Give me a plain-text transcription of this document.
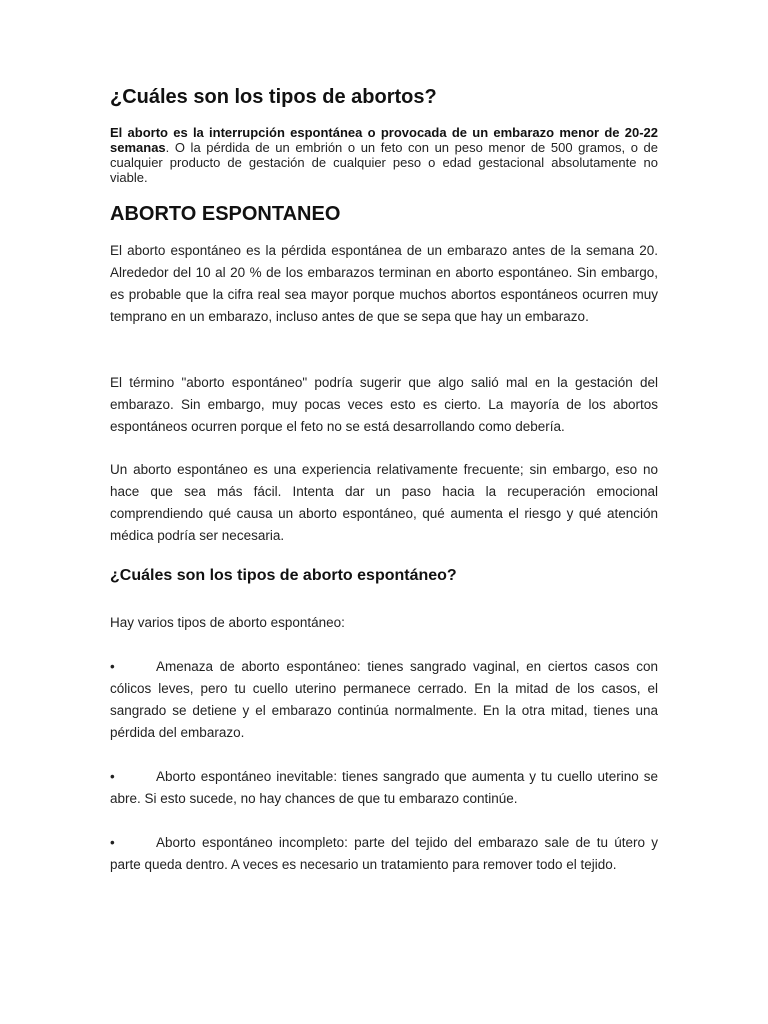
¿Cuáles son los tipos de abortos?

El aborto es la interrupción espontánea o provocada de un embarazo menor de 20-22 semanas. O la pérdida de un embrión o un feto con un peso menor de 500 gramos, o de cualquier producto de gestación de cualquier peso o edad gestacional absolutamente no viable.

ABORTO ESPONTANEO

El aborto espontáneo es la pérdida espontánea de un embarazo antes de la semana 20. Alrededor del 10 al 20 % de los embarazos terminan en aborto espontáneo. Sin embargo, es probable que la cifra real sea mayor porque muchos abortos espontáneos ocurren muy temprano en un embarazo, incluso antes de que se sepa que hay un embarazo.

El término "aborto espontáneo" podría sugerir que algo salió mal en la gestación del embarazo. Sin embargo, muy pocas veces esto es cierto. La mayoría de los abortos espontáneos ocurren porque el feto no se está desarrollando como debería.

Un aborto espontáneo es una experiencia relativamente frecuente; sin embargo, eso no hace que sea más fácil. Intenta dar un paso hacia la recuperación emocional comprendiendo qué causa un aborto espontáneo, qué aumenta el riesgo y qué atención médica podría ser necesaria.

¿Cuáles son los tipos de aborto espontáneo?

Hay varios tipos de aborto espontáneo:

•	Amenaza de aborto espontáneo: tienes sangrado vaginal, en ciertos casos con cólicos leves, pero tu cuello uterino permanece cerrado. En la mitad de los casos, el sangrado se detiene y el embarazo continúa normalmente. En la otra mitad, tienes una pérdida del embarazo.

•	Aborto espontáneo inevitable: tienes sangrado que aumenta y tu cuello uterino se abre. Si esto sucede, no hay chances de que tu embarazo continúe.

•	Aborto espontáneo incompleto: parte del tejido del embarazo sale de tu útero y parte queda dentro. A veces es necesario un tratamiento para remover todo el tejido.
